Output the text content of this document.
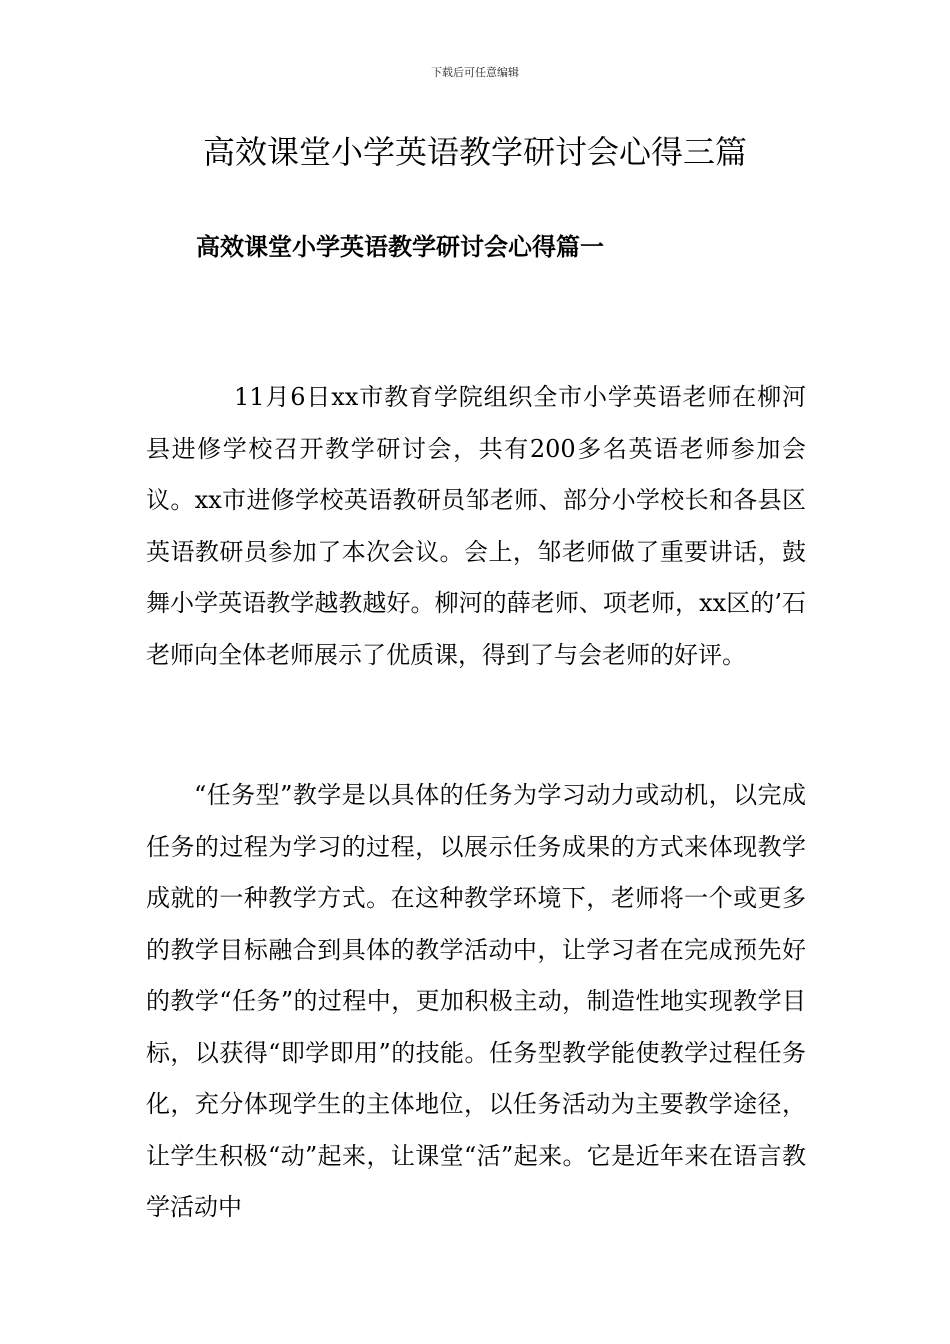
下载后可任意编辑
高效课堂小学英语教学研讨会心得三篇
高效课堂小学英语教学研讨会心得篇一

11月6日xx市教育学院组织全市小学英语老师在柳河县进修学校召开教学研讨会，共有200多名英语老师参加会议。xx市进修学校英语教研员邹老师、部分小学校长和各县区英语教研员参加了本次会议。会上，邹老师做了重要讲话，鼓舞小学英语教学越教越好。柳河的薛老师、项老师，xx区的’石老师向全体老师展示了优质课，得到了与会老师的好评。

“任务型”教学是以具体的任务为学习动力或动机，以完成任务的过程为学习的过程，以展示任务成果的方式来体现教学成就的一种教学方式。在这种教学环境下，老师将一个或更多的教学目标融合到具体的教学活动中，让学习者在完成预先好的教学“任务”的过程中，更加积极主动，制造性地实现教学目标，以获得“即学即用”的技能。任务型教学能使教学过程任务化，充分体现学生的主体地位，以任务活动为主要教学途径，让学生积极“动”起来，让课堂“活”起来。它是近年来在语言教学活动中
